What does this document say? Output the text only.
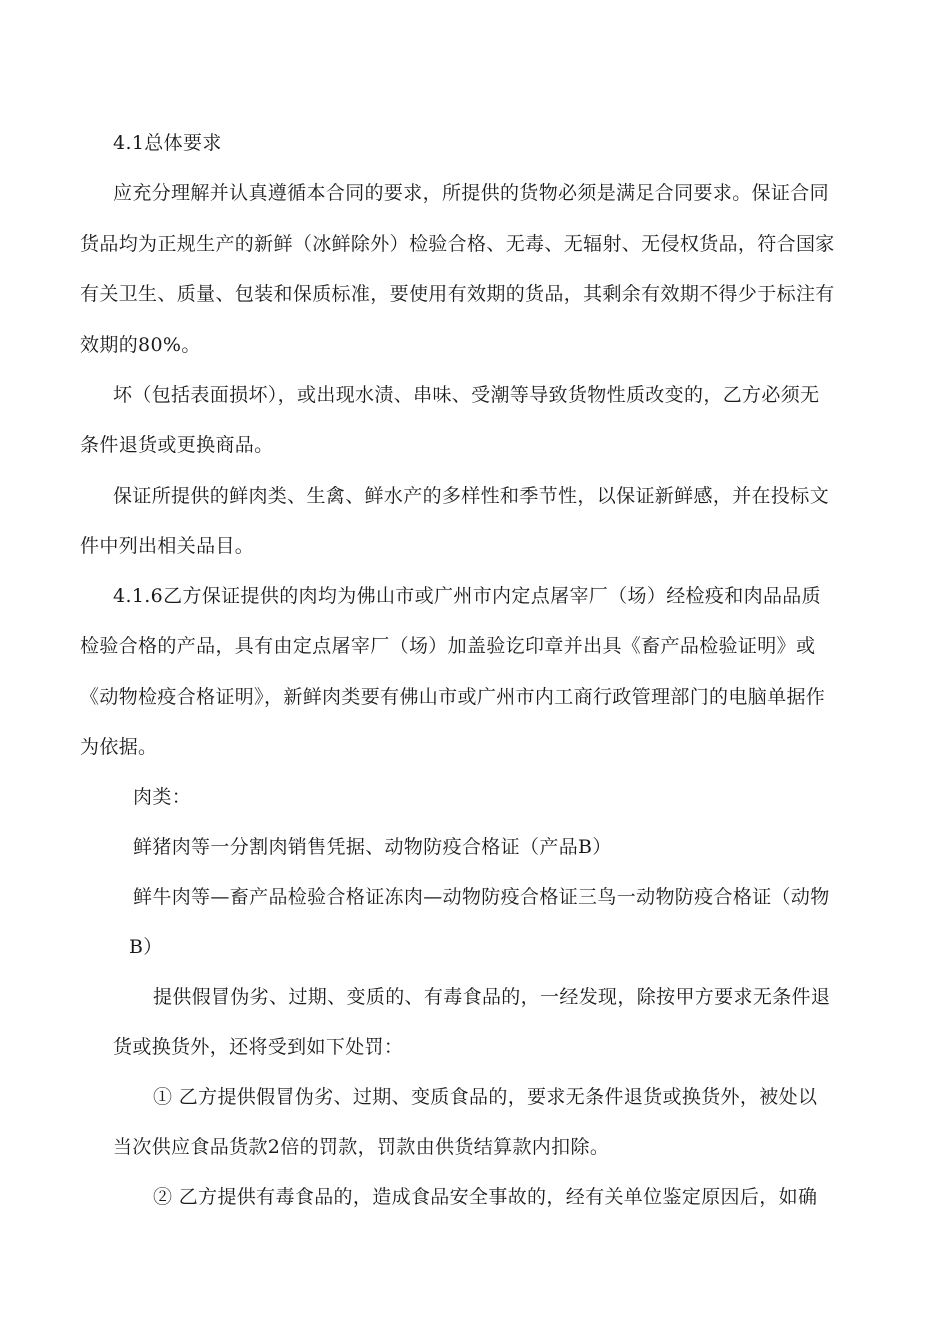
4.1总体要求
应充分理解并认真遵循本合同的要求，所提供的货物必须是满足合同要求。保证合同
货品均为正规生产的新鲜（冰鲜除外）检验合格、无毒、无辐射、无侵权货品，符合国家
有关卫生、质量、包装和保质标准，要使用有效期的货品，其剩余有效期不得少于标注有
效期的80%。
坏（包括表面损坏），或出现水渍、串味、受潮等导致货物性质改变的，乙方必须无
条件退货或更换商品。
保证所提供的鲜肉类、生禽、鲜水产的多样性和季节性，以保证新鲜感，并在投标文
件中列出相关品目。
4.1.6乙方保证提供的肉均为佛山市或广州市内定点屠宰厂（场）经检疫和肉品品质
检验合格的产品，具有由定点屠宰厂（场）加盖验讫印章并出具《畜产品检验证明》或
《动物检疫合格证明》，新鲜肉类要有佛山市或广州市内工商行政管理部门的电脑单据作
为依据。
肉类：
鲜猪肉等一分割肉销售凭据、动物防疫合格证（产品B）
鲜牛肉等—畜产品检验合格证冻肉—动物防疫合格证三鸟一动物防疫合格证（动物
B）
提供假冒伪劣、过期、变质的、有毒食品的，一经发现，除按甲方要求无条件退
货或换货外，还将受到如下处罚：
① 乙方提供假冒伪劣、过期、变质食品的，要求无条件退货或换货外，被处以
当次供应食品货款2倍的罚款，罚款由供货结算款内扣除。
② 乙方提供有毒食品的，造成食品安全事故的，经有关单位鉴定原因后，如确
